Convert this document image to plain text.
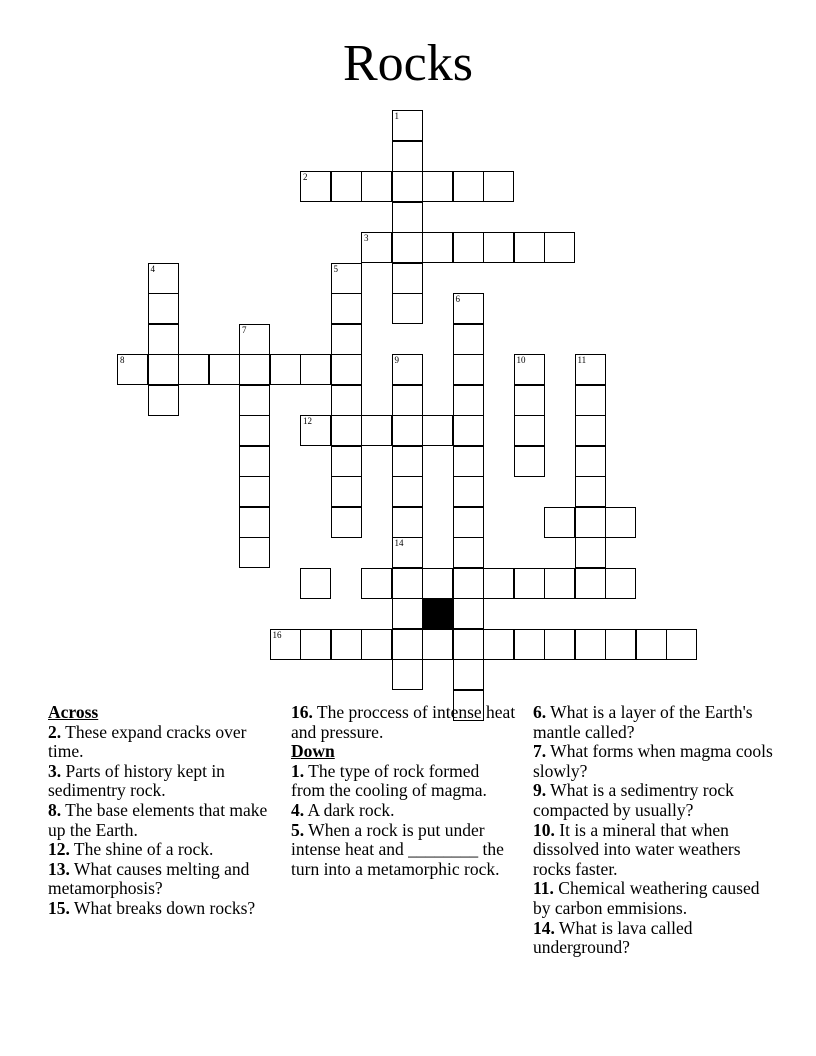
Rocks
1
2
3
4	5
6
7
8	9	10	11
12
14
16
Across
2. These expand cracks over time.
3. Parts of history kept in sedimentry rock.
8. The base elements that make up the Earth.
12. The shine of a rock.
13. What causes melting and metamorphosis?
15. What breaks down rocks?
16. The proccess of intense heat and pressure.
Down
1. The type of rock formed from the cooling of magma.
4. A dark rock.
5. When a rock is put under intense heat and ________ the turn into a metamorphic rock.
6. What is a layer of the Earth's mantle called?
7. What forms when magma cools slowly?
9. What is a sedimentry rock compacted by usually?
10. It is a mineral that when dissolved into water weathers rocks faster.
11. Chemical weathering caused by carbon emmisions.
14. What is lava called underground?
